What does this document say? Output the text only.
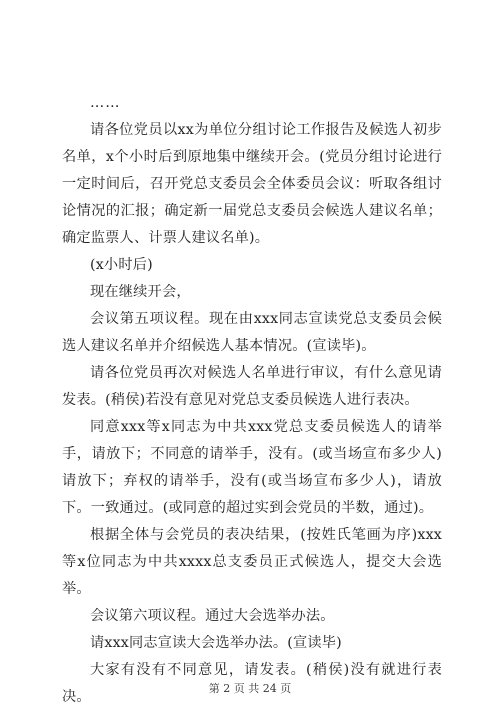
……

请各位党员以xx为单位分组讨论工作报告及候选人初步名单，x个小时后到原地集中继续开会。(党员分组讨论进行一定时间后，召开党总支委员会全体委员会议：听取各组讨论情况的汇报；确定新一届党总支委员会候选人建议名单；确定监票人、计票人建议名单)。

(x小时后)

现在继续开会，

会议第五项议程。现在由xxx同志宣读党总支委员会候选人建议名单并介绍候选人基本情况。(宣读毕)。

请各位党员再次对候选人名单进行审议，有什么意见请发表。(稍侯)若没有意见对党总支委员候选人进行表决。

同意xxx等x同志为中共xxx党总支委员候选人的请举手，请放下；不同意的请举手，没有。(或当场宣布多少人)请放下；弃权的请举手，没有(或当场宣布多少人)，请放下。一致通过。(或同意的超过实到会党员的半数，通过)。

根据全体与会党员的表决结果，(按姓氏笔画为序)xxx等x位同志为中共xxxx总支委员正式候选人，提交大会选举。

会议第六项议程。通过大会选举办法。

请xxx同志宣读大会选举办法。(宣读毕)

大家有没有不同意见，请发表。(稍侯)没有就进行表决。

第 2 页 共 24 页
